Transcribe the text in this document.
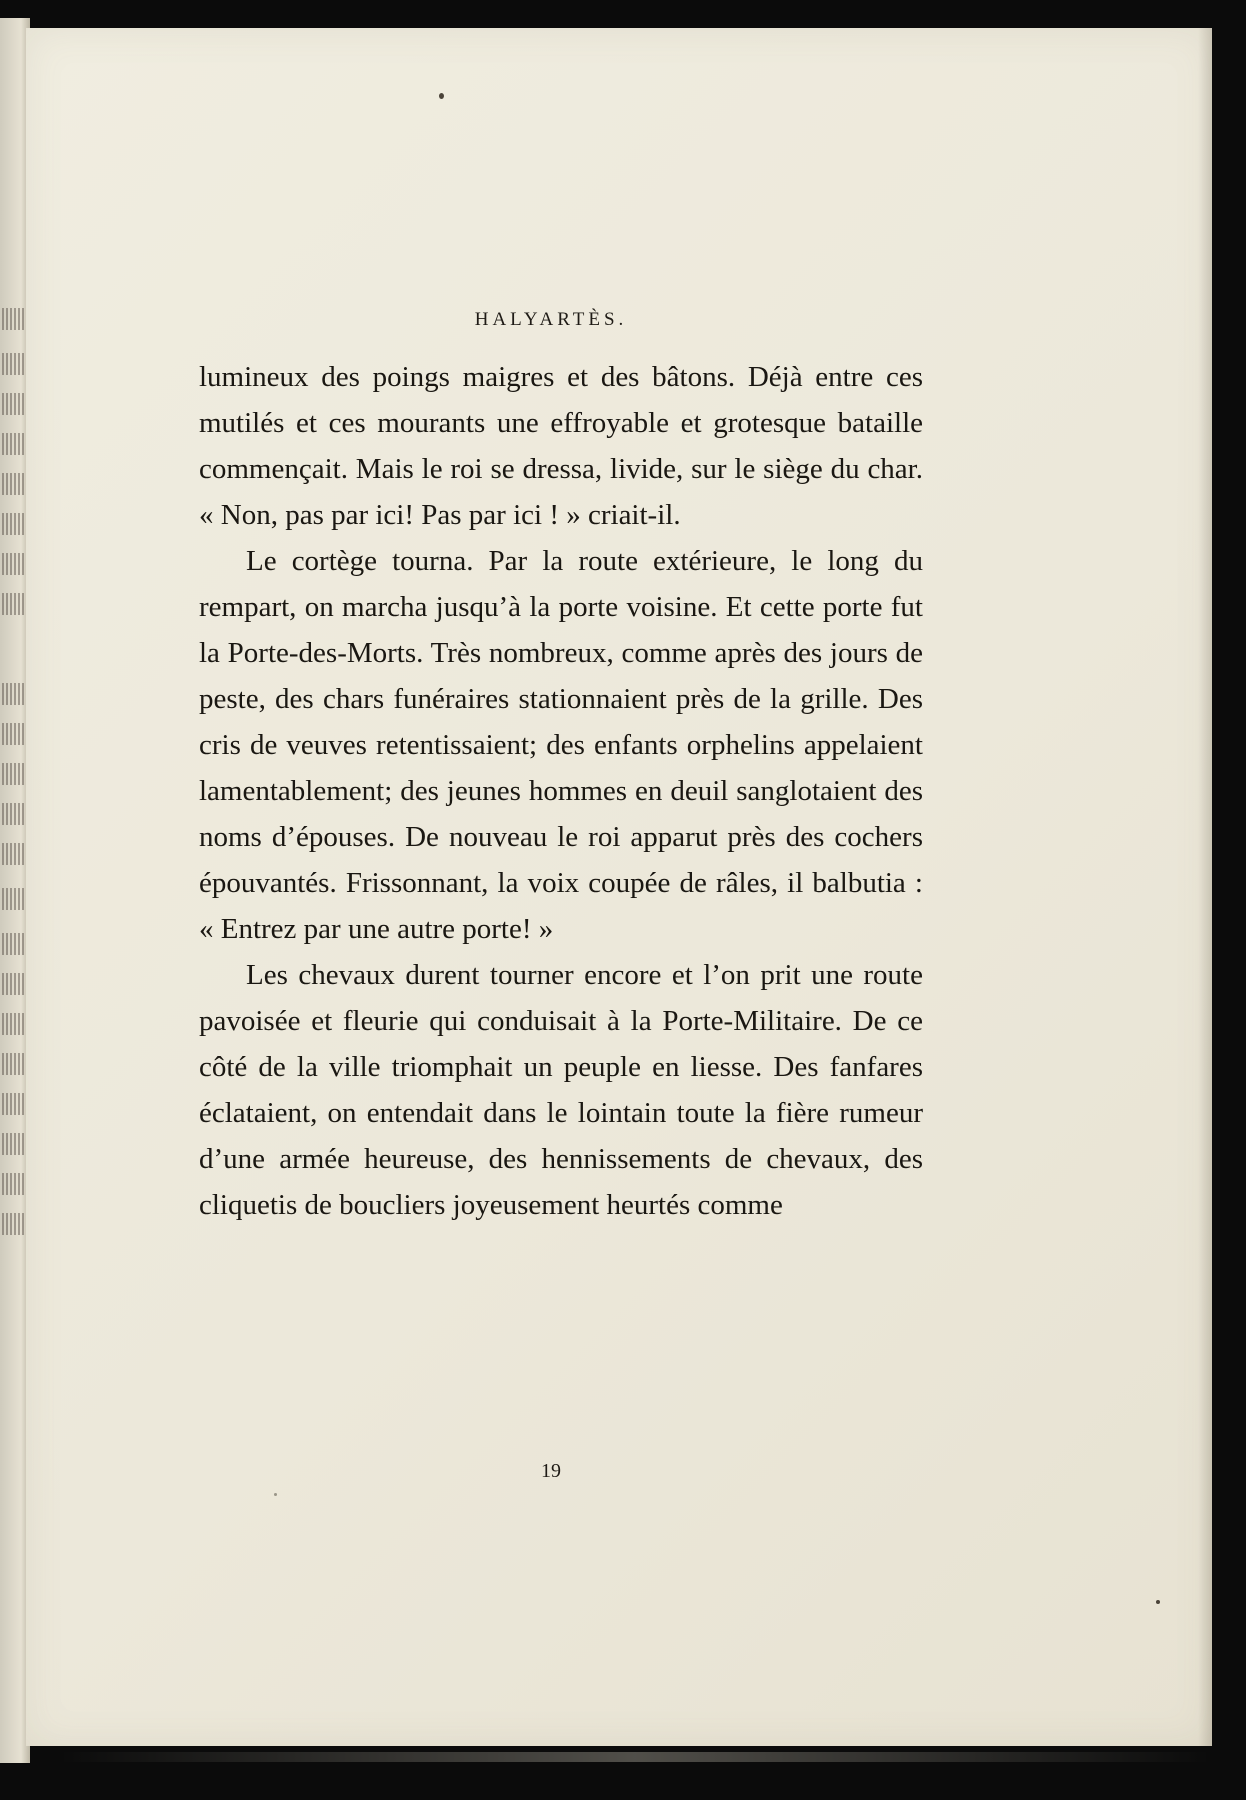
HALYARTÈS.

lumineux des poings maigres et des bâtons. Déjà entre ces mutilés et ces mourants une effroyable et grotesque bataille commençait. Mais le roi se dressa, livide, sur le siège du char. « Non, pas par ici! Pas par ici ! » criait-il.

Le cortège tourna. Par la route extérieure, le long du rempart, on marcha jusqu’à la porte voisine. Et cette porte fut la Porte-des-Morts. Très nombreux, comme après des jours de peste, des chars funéraires stationnaient près de la grille. Des cris de veuves retentissaient; des enfants orphelins appelaient lamentablement; des jeunes hommes en deuil sanglotaient des noms d’épouses. De nouveau le roi apparut près des cochers épouvantés. Frissonnant, la voix coupée de râles, il balbutia : « Entrez par une autre porte! »

Les chevaux durent tourner encore et l’on prit une route pavoisée et fleurie qui conduisait à la Porte-Militaire. De ce côté de la ville triomphait un peuple en liesse. Des fanfares éclataient, on entendait dans le lointain toute la fière rumeur d’une armée heureuse, des hennissements de chevaux, des cliquetis de boucliers joyeusement heurtés comme

19
